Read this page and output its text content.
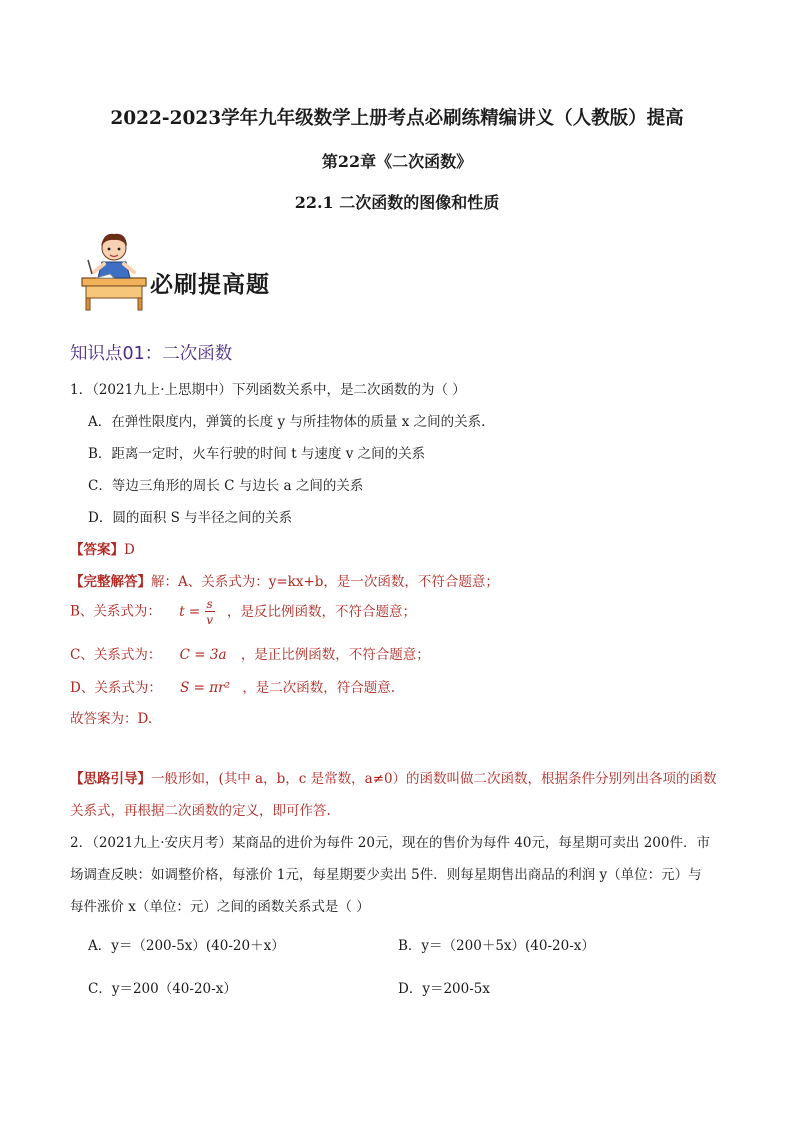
2022-2023学年九年级数学上册考点必刷练精编讲义（人教版）提高
第22章《二次函数》
22.1 二次函数的图像和性质
必刷提高题
知识点01：二次函数
1．（2021九上·上思期中）下列函数关系中，是二次函数的为（ ）
A．在弹性限度内，弹簧的长度 y 与所挂物体的质量 x 之间的关系.
B．距离一定时，火车行驶的时间 t 与速度 v 之间的关系
C．等边三角形的周长 C 与边长 a 之间的关系
D．圆的面积 S 与半径之间的关系
【答案】D
【完整解答】解：A、关系式为：y=kx+b，是一次函数，不符合题意；
B、关系式为： $t = \frac{s}{v}$ ，是反比例函数，不符合题意；
C、关系式为： C = 3a ，是正比例函数，不符合题意；
D、关系式为： S = πr² ，是二次函数，符合题意.
故答案为：D.
【思路引导】一般形如，(其中 a，b，c 是常数，a≠0）的函数叫做二次函数，根据条件分别列出各项的函数
关系式，再根据二次函数的定义，即可作答.
2．（2021九上·安庆月考）某商品的进价为每件 20元，现在的售价为每件 40元，每星期可卖出 200件．市
场调查反映：如调整价格，每涨价 1元，每星期要少卖出 5件．则每星期售出商品的利润 y（单位：元）与
每件涨价 x（单位：元）之间的函数关系式是（ ）
A．y＝（200-5x）(40-20＋x）	B．y＝（200＋5x）(40-20-x）
C．y＝200（40-20-x）	D．y＝200-5x
